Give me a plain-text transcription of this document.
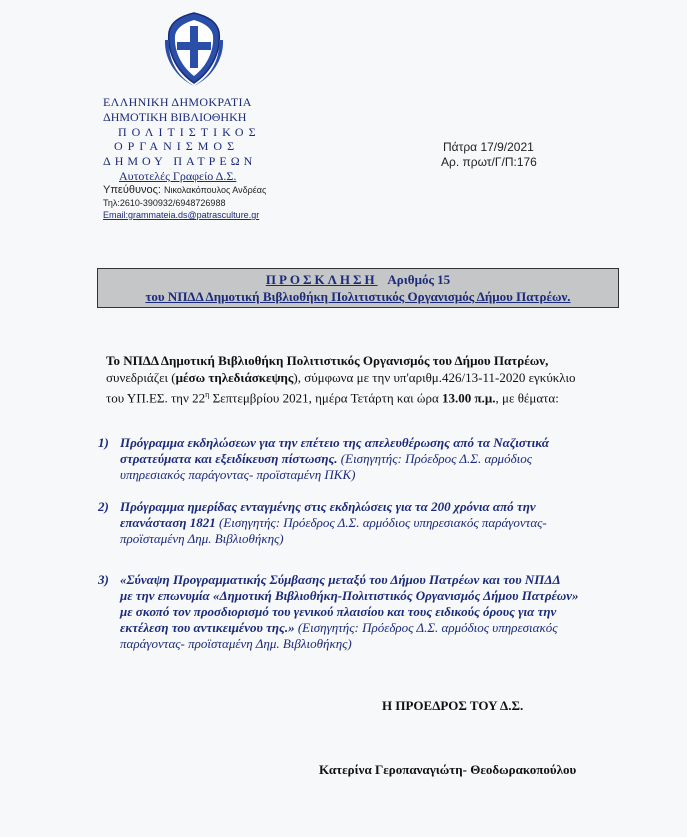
ΕΛΛΗΝΙΚΗ ΔΗΜΟΚΡΑΤΙΑ
ΔΗΜΟΤΙΚΗ ΒΙΒΛΙΟΘΗΚΗ
ΠΟΛΙΤΙΣΤΙΚΟΣ
ΟΡΓΑΝΙΣΜΟΣ
ΔΗΜΟΥ ΠΑΤΡΕΩΝ
Αυτοτελές Γραφείο Δ.Σ.
Υπεύθυνος: Νικολακόπουλος Ανδρέας
Τηλ:2610-390932/6948726988
Email:grammateia.ds@patrasculture.gr
Πάτρα 17/9/2021
Αρ. πρωτ/Γ/Π:176
ΠΡΟΣΚΛΗΣΗ Αριθμός 15
του ΝΠΔΔ Δημοτική Βιβλιοθήκη Πολιτιστικός Οργανισμός Δήμου Πατρέων.
Το ΝΠΔΔ Δημοτική Βιβλιοθήκη Πολιτιστικός Οργανισμός του Δήμου Πατρέων,
συνεδριάζει (μέσω τηλεδιάσκεψης), σύμφωνα με την υπ'αριθμ.426/13-11-2020 εγκύκλιο
του ΥΠ.ΕΣ. την $22^\eta$ Σεπτεμβρίου 2021, ημέρα Τετάρτη και ώρα 13.00 π.μ., με θέματα:
1) Πρόγραμμα εκδηλώσεων για την επέτειο της απελευθέρωσης από τα Ναζιστικά
στρατεύματα και εξειδίκευση πίστωσης. (Εισηγητής: Πρόεδρος Δ.Σ. αρμόδιος
υπηρεσιακός παράγοντας- προϊσταμένη ΠΚΚ)
2) Πρόγραμμα ημερίδας ενταγμένης στις εκδηλώσεις για τα 200 χρόνια από την
επανάσταση 1821 (Εισηγητής: Πρόεδρος Δ.Σ. αρμόδιος υπηρεσιακός παράγοντας-
προϊσταμένη Δημ. Βιβλιοθήκης)
3) «Σύναψη Προγραμματικής Σύμβασης μεταξύ του Δήμου Πατρέων και του ΝΠΔΔ
με την επωνυμία «Δημοτική Βιβλιοθήκη-Πολιτιστικός Οργανισμός Δήμου Πατρέων»
με σκοπό τον προσδιορισμό του γενικού πλαισίου και τους ειδικούς όρους για την
εκτέλεση του αντικειμένου της.» (Εισηγητής: Πρόεδρος Δ.Σ. αρμόδιος υπηρεσιακός
παράγοντας- προϊσταμένη Δημ. Βιβλιοθήκης)
Η ΠΡΟΕΔΡΟΣ ΤΟΥ Δ.Σ.
Κατερίνα Γεροπαναγιώτη- Θεοδωρακοπούλου
